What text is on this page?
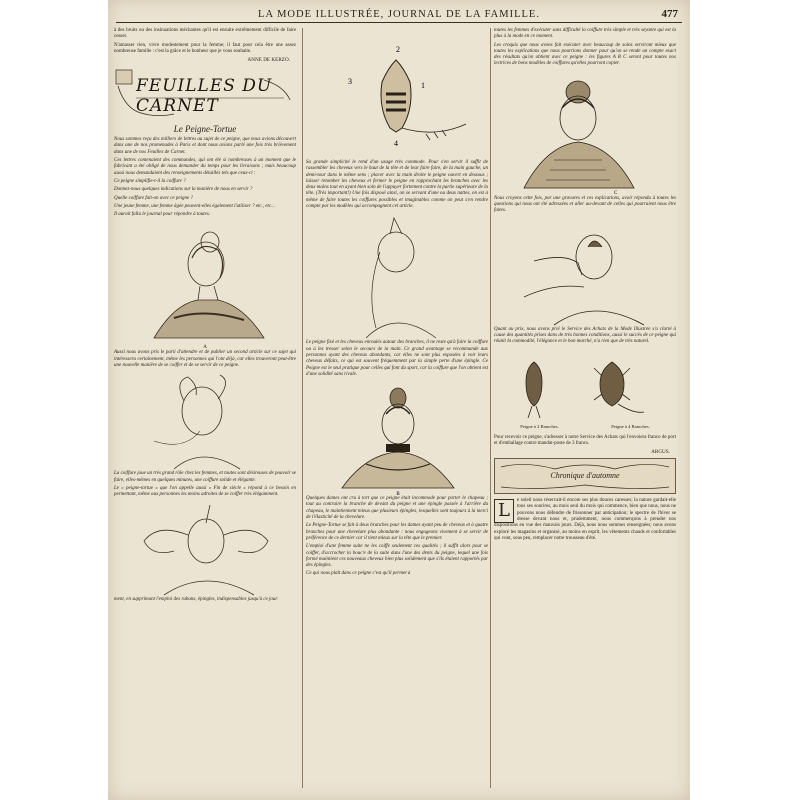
LA MODE ILLUSTRÉE, JOURNAL DE LA FAMILLE.	477

à des bruits ou des insinuations méchantes qu'il est ensuite extrêmement difficile de faire cesser.

N'amasser rien, vivre modestement pour la femme; il faut pour cela être une assez nombreuse famille : c'est la grâce et le bonheur que je vous souhaite.

ANNE DE KERZO.
FEUILLES DU CARNET
Le Peigne-Tortue

Nous sommes reçu des milliers de lettres au sujet de ce peigne, que nous avions découvert dans une de nos promenades à Paris et dont nous avions parlé une fois très brièvement dans une de nos Feuilles de Carnet.

Ces lettres contenaient des commandes, qui ont été si nombreuses à un moment que le fabricant a été obligé de nous demander du temps pour les livraisons ; mais beaucoup aussi nous demandaient des renseignements détaillés tels que ceux-ci :

Ce peigne simplifie-t-il la coiffure ?

Donnez-nous quelques indications sur la manière de nous en servir ?

Quelle coiffure fait-on avec ce peigne ?

Une jeune femme, une femme âgée peuvent-elles également l'utiliser ? etc., etc...

Il aurait fallu le journal pour répondre à toutes.

A

Aussi nous avons pris le parti d'attendre et de publier un second article sur ce sujet qui intéressera certainement, même les personnes qui l'ont déjà, car elles trouveront peut-être une nouvelle manière de se coiffer et de se servir de ce peigne.

La coiffure joue un très grand rôle chez les femmes, et toutes sont désireuses de pouvoir se faire, elles-mêmes en quelques minutes, une coiffure solide et élégante.

Le « peigne-tortue » que l'on appelle aussi « Fin de siècle » répond à ce besoin en permettant, même aux personnes les moins adroites de se coiffer très élégamment.

ment, en supprimant l'emploi des rubans, épingles, indispensables jusqu'à ce jour.

2
3	1
4

Sa grande simplicité le rend d'un usage très commode. Pour s'en servir il suffit de rassembler les cheveux vers le haut de la tête et de leur faire faire, de la main gauche, un demi-tour dans le même sens ; placer avec la main droite le peigne ouvert en dessous ; laisser retomber les cheveux et fermer le peigne en rapprochant les branches avec les deux mains tout en ayant bien soin de l'appuyer fortement contre la partie supérieure de la tête. (Très important!) Une fois disposé ainsi, on se servant d'une ou deux nattes, on est à même de faire toutes les coiffures possibles et imaginables comme on peut s'en rendre compte par les modèles qui accompagnent cet article.

Le peigne fixé et les cheveux enroulés autour des branches, il ne reste qu'à faire la coiffure ou à les tresser selon le secours de la main. Ce grand avantage se recommande aux personnes ayant des cheveux abondants, car elles ne sont plus exposées à voir leurs cheveux défaits, ce qui est souvent fréquemment par la simple perte d'une épingle. Ce Peigne est le seul pratique pour celles qui font du sport, car la coiffure que l'on obtient est d'une solidité sans rivale.

B

Quelques dames ont cru à tort que ce peigne était incommode pour porter le chapeau ; tout au contraire la branche de devant du peigne et une épingle passée à l'arrière du chapeau, le maintiennent mieux que plusieurs épingles, lesquelles sont toujours à la merci de l'élasticité de la chevelure.

Le Peigne-Tortue se fait à deux branches pour les dames ayant peu de cheveux et à quatre branches pour une chevelure plus abondante : nous engageons vivement à se servir de préférence de ce dernier car il tient mieux sur la tête que le premier.

L'emploi d'une femme suite ne les coiffe seulement ces qualités ; il suffit alors pour se coiffer, d'accrocher la bouc'e de la suite dans l'une des dents du peigne, lequel une fois formé maintient ces nouveaux cheveux bien plus solidement que s'ils étaient rapportés par des épingles.

Ce qui nous plaît dans ce peigne c'est qu'il permet à

toutes les femmes d'exécuter sans difficulté la coiffure très simple et très seyante qui est la plus à la mode en ce moment.

Les croquis que nous avons fait exécuter avec beaucoup de soins serviront mieux que toutes les explications que nous pourrions donner pour qu'on se rende un compte exact des résultats qu'on obtient avec ce peigne : les figures A B C seront pour toutes nos lectrices de bons modèles de coiffures qu'elles pourront copier.

C

Nous croyons cette fois, par une gravures et ces explications, avoir répondu à toutes les questions qui nous ont été adressées et aller au-devant de celles qui pourraient nous être faites.

Quant au prix, nous avons prié le Service des Achats de la Mode Illustrée s'a clarté à cause des quantités prises dans de très bonnes conditions, aussi le succès de ce peigne qui réunit la commodité, l'élégance et le bon marché, n'a rien que de très naturel.

Peigne à 2 Branches.	Peigne à 4 Branches.

Pour recevoir ce peigne, s'adresser à notre Service des Achats qui l'envoiera franco de port et d'emballage contre mandat-poste de 3 francs.

ARGUS.
Chronique d'automne
L	e soleil nous réservait-il encore ses plus douces caresses; la nature gardait-elle tous ses sourires, au mois seul du mois qui commence, bien que nous, nous ne pouvons nous défendre de frissonner par anticipation; le spectre de l'hiver se dresse devant nous et, prudemment, nous commençons à prendre nos dispositions en vue des mauvais jours. Déjà, nous nous sommes renseignées; nous avons exploré les magasins et organisé, au moins en esprit, les vêtements chauds et confortables qui vont, sous peu, remplacer notre trousseau d'été.
